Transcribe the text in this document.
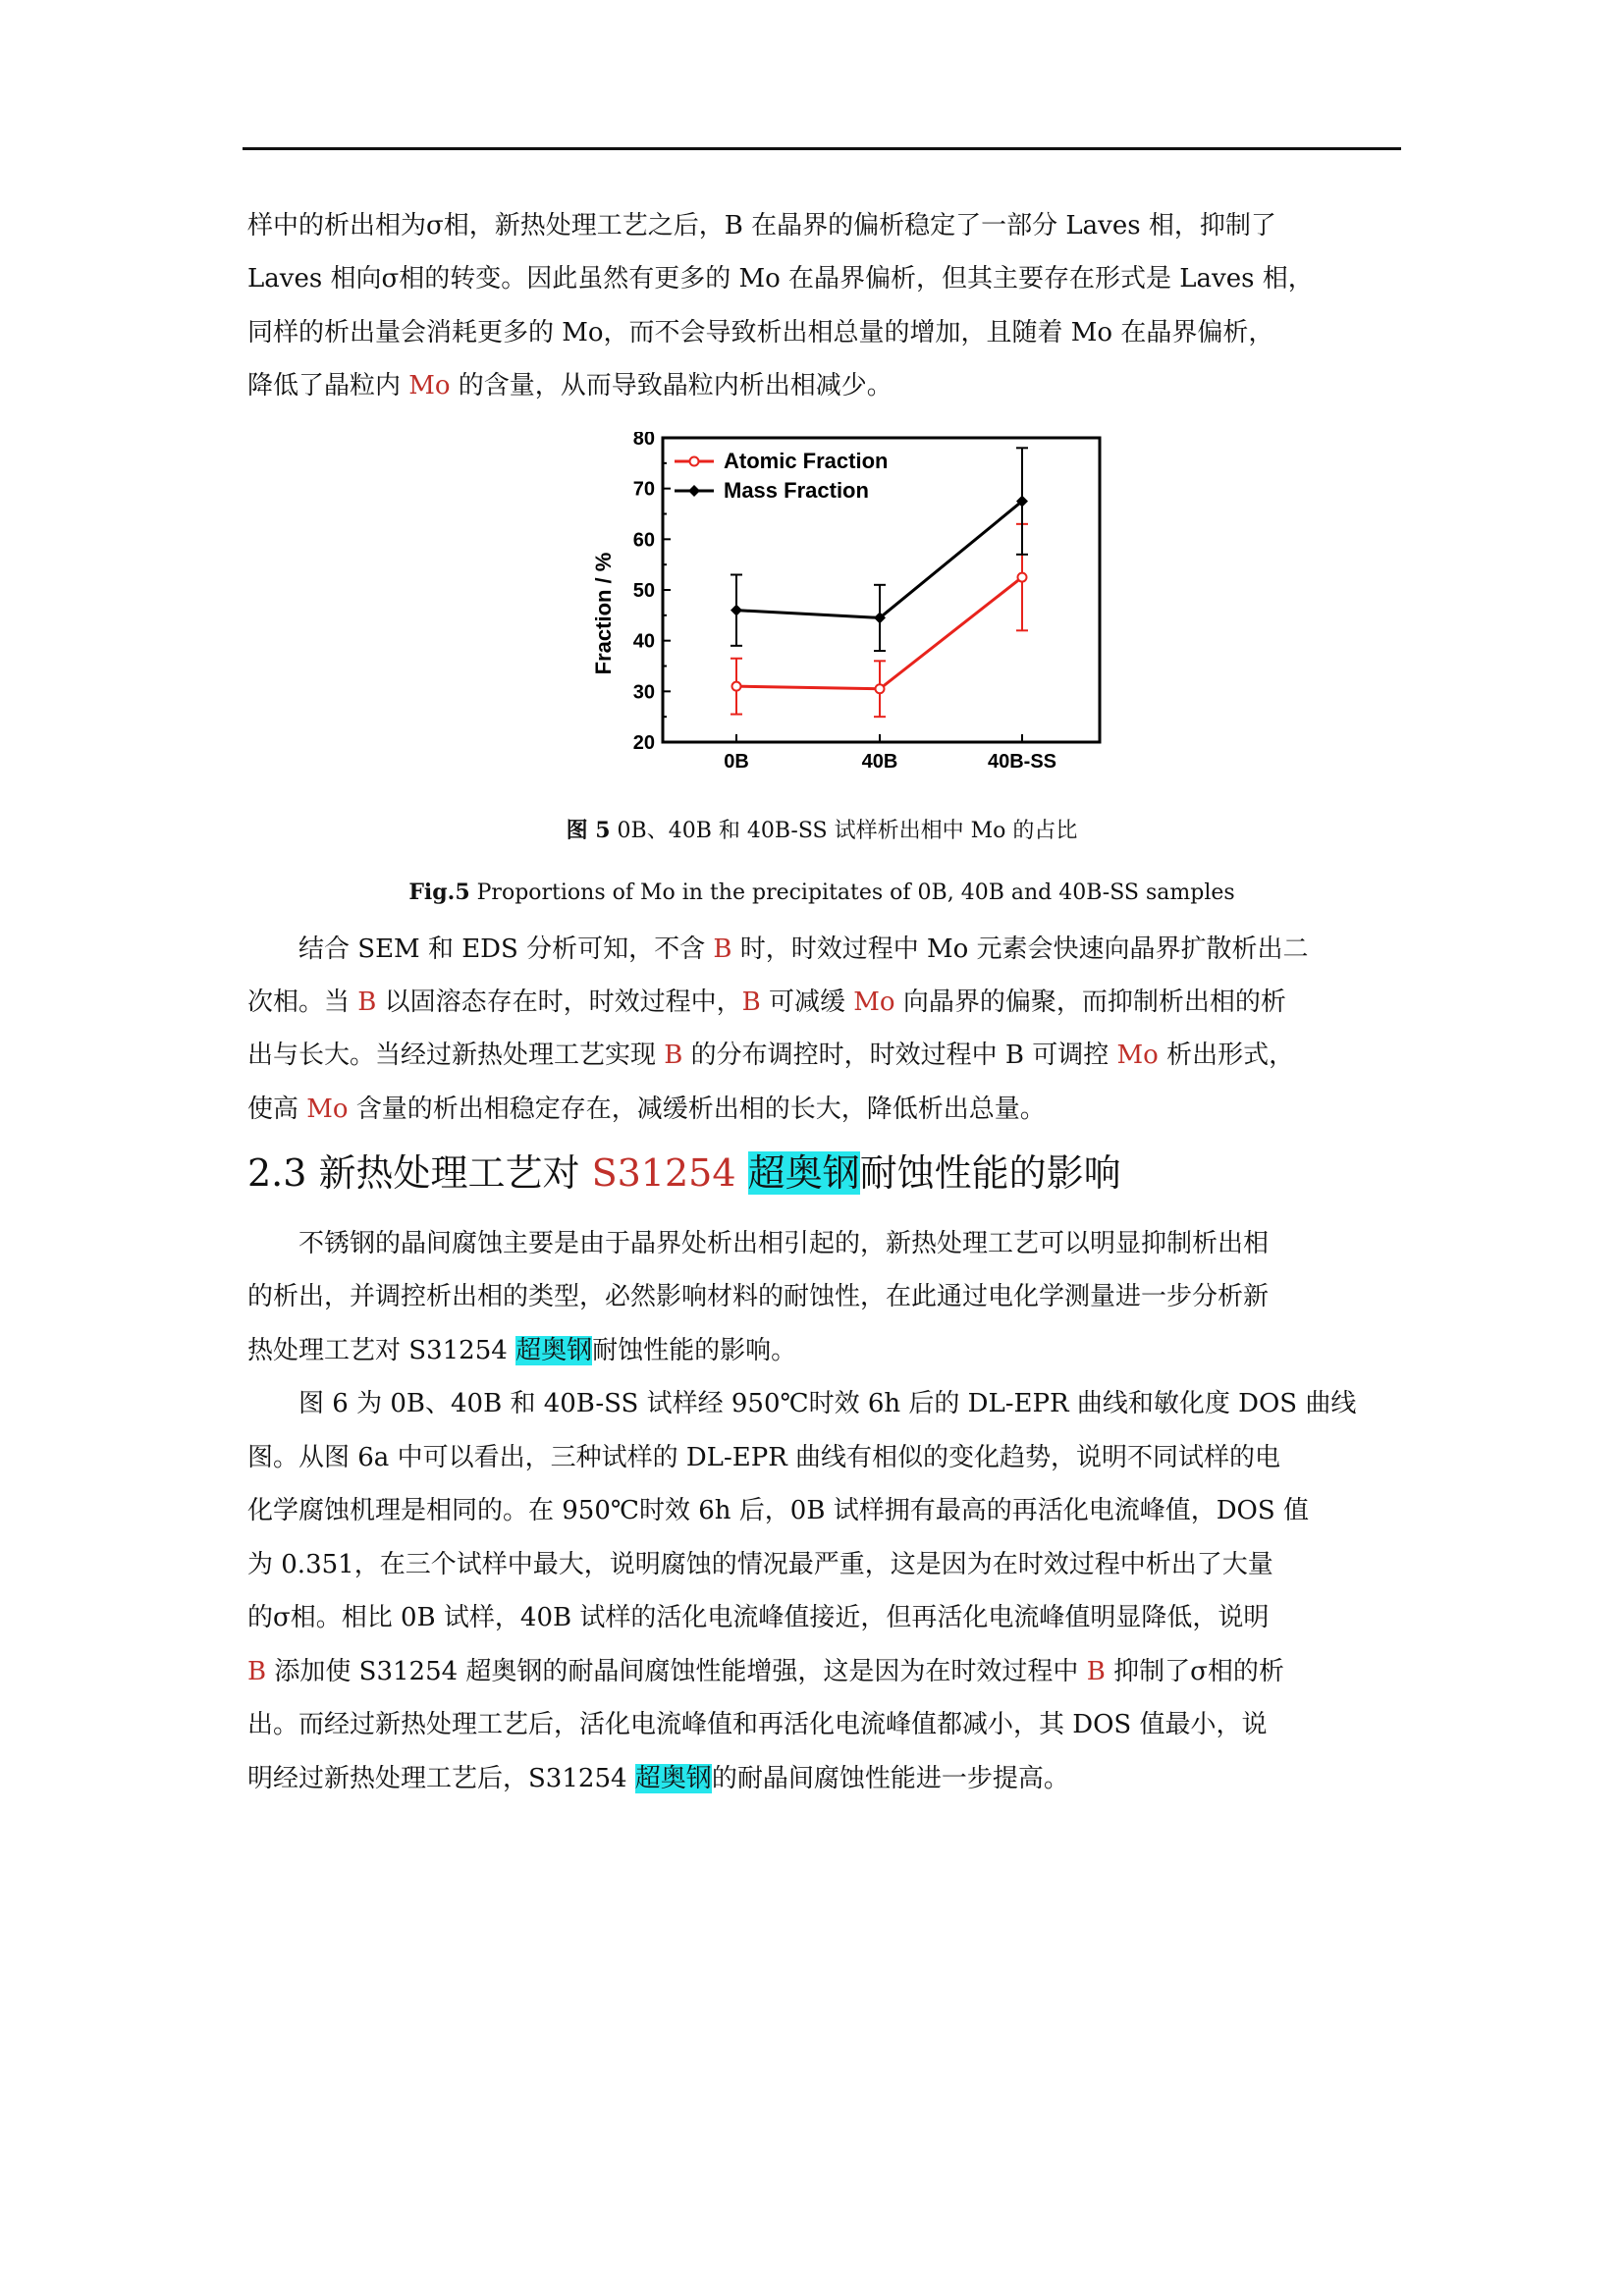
样中的析出相为σ相，新热处理工艺之后，B 在晶界的偏析稳定了一部分 Laves 相，抑制了

Laves 相向σ相的转变。因此虽然有更多的 Mo 在晶界偏析，但其主要存在形式是 Laves 相，

同样的析出量会消耗更多的 Mo，而不会导致析出相总量的增加，且随着 Mo 在晶界偏析，

降低了晶粒内 Mo 的含量，从而导致晶粒内析出相减少。

20
30
40
50
60
70
80
0B	40B	40B-SS
Atomic Fraction
Mass Fraction
Fraction / %

图 5 0B、40B 和 40B-SS 试样析出相中 Mo 的占比

Fig.5 Proportions of Mo in the precipitates of 0B, 40B and 40B-SS samples

结合 SEM 和 EDS 分析可知，不含 B 时，时效过程中 Mo 元素会快速向晶界扩散析出二

次相。当 B 以固溶态存在时，时效过程中，B 可减缓 Mo 向晶界的偏聚，而抑制析出相的析

出与长大。当经过新热处理工艺实现 B 的分布调控时，时效过程中 B 可调控 Mo 析出形式，

使高 Mo 含量的析出相稳定存在，减缓析出相的长大，降低析出总量。

2.3 新热处理工艺对 S31254 超奥钢耐蚀性能的影响

不锈钢的晶间腐蚀主要是由于晶界处析出相引起的，新热处理工艺可以明显抑制析出相

的析出，并调控析出相的类型，必然影响材料的耐蚀性，在此通过电化学测量进一步分析新

热处理工艺对 S31254 超奥钢耐蚀性能的影响。

图 6 为 0B、40B 和 40B-SS 试样经 950℃时效 6h 后的 DL-EPR 曲线和敏化度 DOS 曲线

图。从图 6a 中可以看出，三种试样的 DL-EPR 曲线有相似的变化趋势，说明不同试样的电

化学腐蚀机理是相同的。在 950℃时效 6h 后，0B 试样拥有最高的再活化电流峰值，DOS 值

为 0.351，在三个试样中最大，说明腐蚀的情况最严重，这是因为在时效过程中析出了大量

的σ相。相比 0B 试样，40B 试样的活化电流峰值接近，但再活化电流峰值明显降低，说明

B 添加使 S31254 超奥钢的耐晶间腐蚀性能增强，这是因为在时效过程中 B 抑制了σ相的析

出。而经过新热处理工艺后，活化电流峰值和再活化电流峰值都减小，其 DOS 值最小，说

明经过新热处理工艺后，S31254 超奥钢的耐晶间腐蚀性能进一步提高。
